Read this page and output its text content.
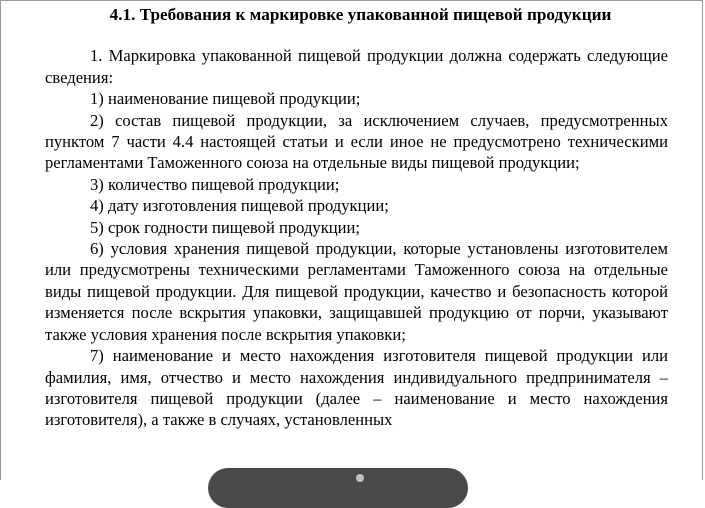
4.1. Требования к маркировке упакованной пищевой продукции

1. Маркировка упакованной пищевой продукции должна содержать следующие сведения:

1) наименование пищевой продукции;

2) состав пищевой продукции, за исключением случаев, предусмотренных пунктом 7 части 4.4 настоящей статьи и если иное не предусмотрено техническими регламентами Таможенного союза на отдельные виды пищевой продукции;

3) количество пищевой продукции;

4) дату изготовления пищевой продукции;

5) срок годности пищевой продукции;

6) условия хранения пищевой продукции, которые установлены изготовителем или предусмотрены техническими регламентами Таможенного союза на отдельные виды пищевой продукции. Для пищевой продукции, качество и безопасность которой изменяется после вскрытия упаковки, защищавшей продукцию от порчи, указывают также условия хранения после вскрытия упаковки;

7) наименование и место нахождения изготовителя пищевой продукции или фамилия, имя, отчество и место нахождения индивидуального предпринимателя – изготовителя пищевой продукции (далее – наименование и место нахождения изготовителя), а также в случаях, установленных
